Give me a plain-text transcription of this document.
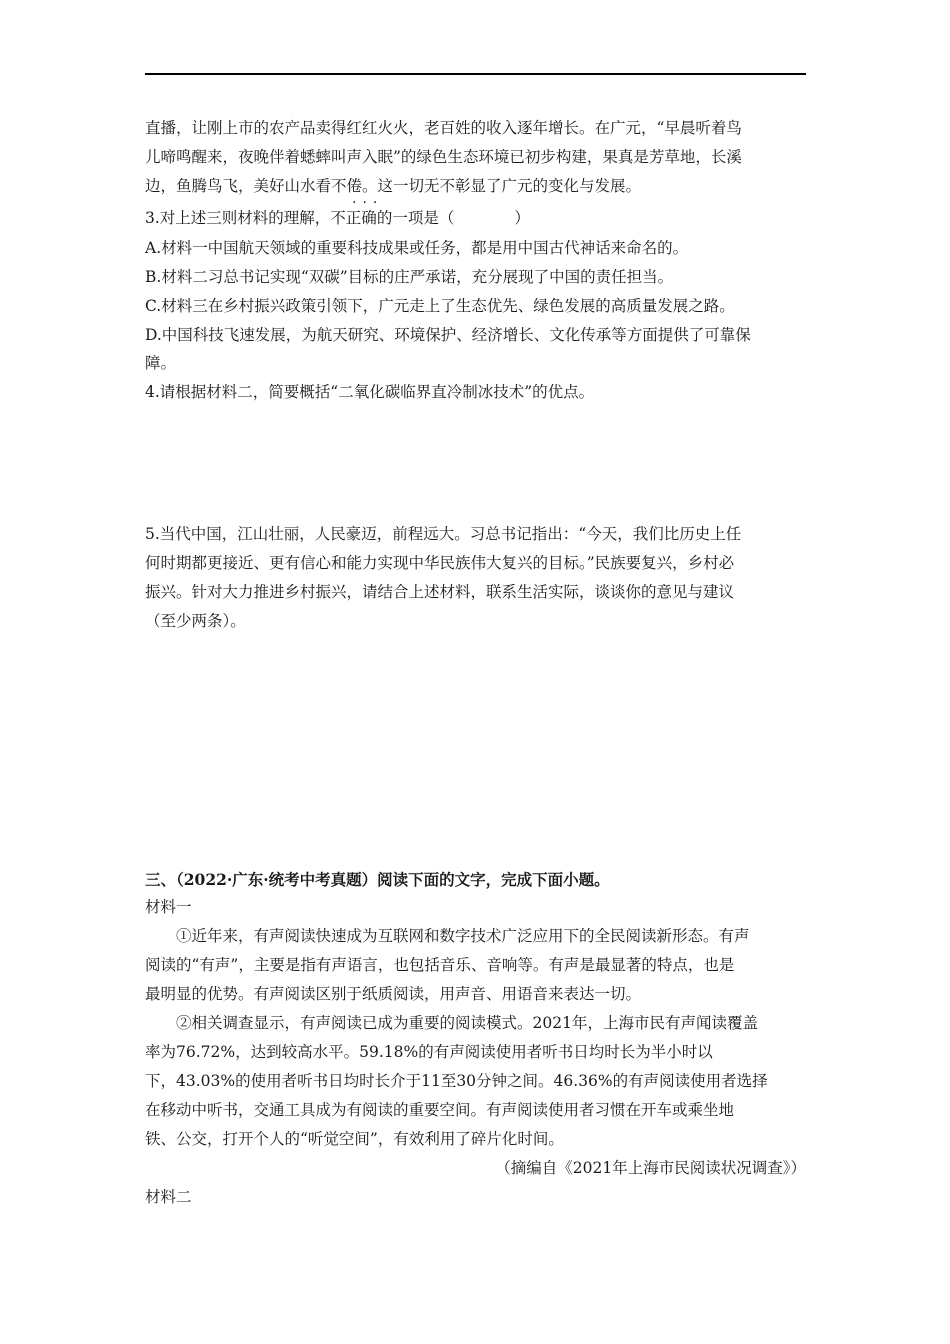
直播，让刚上市的农产品卖得红红火火，老百姓的收入逐年增长。在广元，“早晨听着鸟
儿啼鸣醒来，夜晚伴着蟋蟀叫声入眠”的绿色生态环境已初步构建，果真是芳草地，长溪
边，鱼腾鸟飞，美好山水看不倦。这一切无不彰显了广元的变化与发展。
···
3.对上述三则材料的理解，不正确的一项是（	）
A.材料一中国航天领域的重要科技成果或任务，都是用中国古代神话来命名的。
B.材料二习总书记实现“双碳”目标的庄严承诺，充分展现了中国的责任担当。
C.材料三在乡村振兴政策引领下，广元走上了生态优先、绿色发展的高质量发展之路。
D.中国科技飞速发展，为航天研究、环境保护、经济增长、文化传承等方面提供了可靠保
障。
4.请根据材料二，简要概括“二氧化碳临界直冷制冰技术”的优点。
5.当代中国，江山壮丽，人民豪迈，前程远大。习总书记指出：“今天，我们比历史上任
何时期都更接近、更有信心和能力实现中华民族伟大复兴的目标。”民族要复兴，乡村必
振兴。针对大力推进乡村振兴，请结合上述材料，联系生活实际，谈谈你的意见与建议
（至少两条）。
三、（2022·广东·统考中考真题）阅读下面的文字，完成下面小题。
材料一
①近年来，有声阅读快速成为互联网和数字技术广泛应用下的全民阅读新形态。有声
阅读的“有声”，主要是指有声语言，也包括音乐、音响等。有声是最显著的特点，也是
最明显的优势。有声阅读区别于纸质阅读，用声音、用语音来表达一切。
②相关调查显示，有声阅读已成为重要的阅读模式。2021年，上海市民有声闻读覆盖
率为76.72%，达到较高水平。59.18%的有声阅读使用者听书日均时长为半小时以
下，43.03%的使用者听书日均时长介于11至30分钟之间。46.36%的有声阅读使用者选择
在移动中听书，交通工具成为有阅读的重要空间。有声阅读使用者习惯在开车或乘坐地
铁、公交，打开个人的“听觉空间”，有效利用了碎片化时间。
（摘编自《2021年上海市民阅读状况调查》）
材料二
